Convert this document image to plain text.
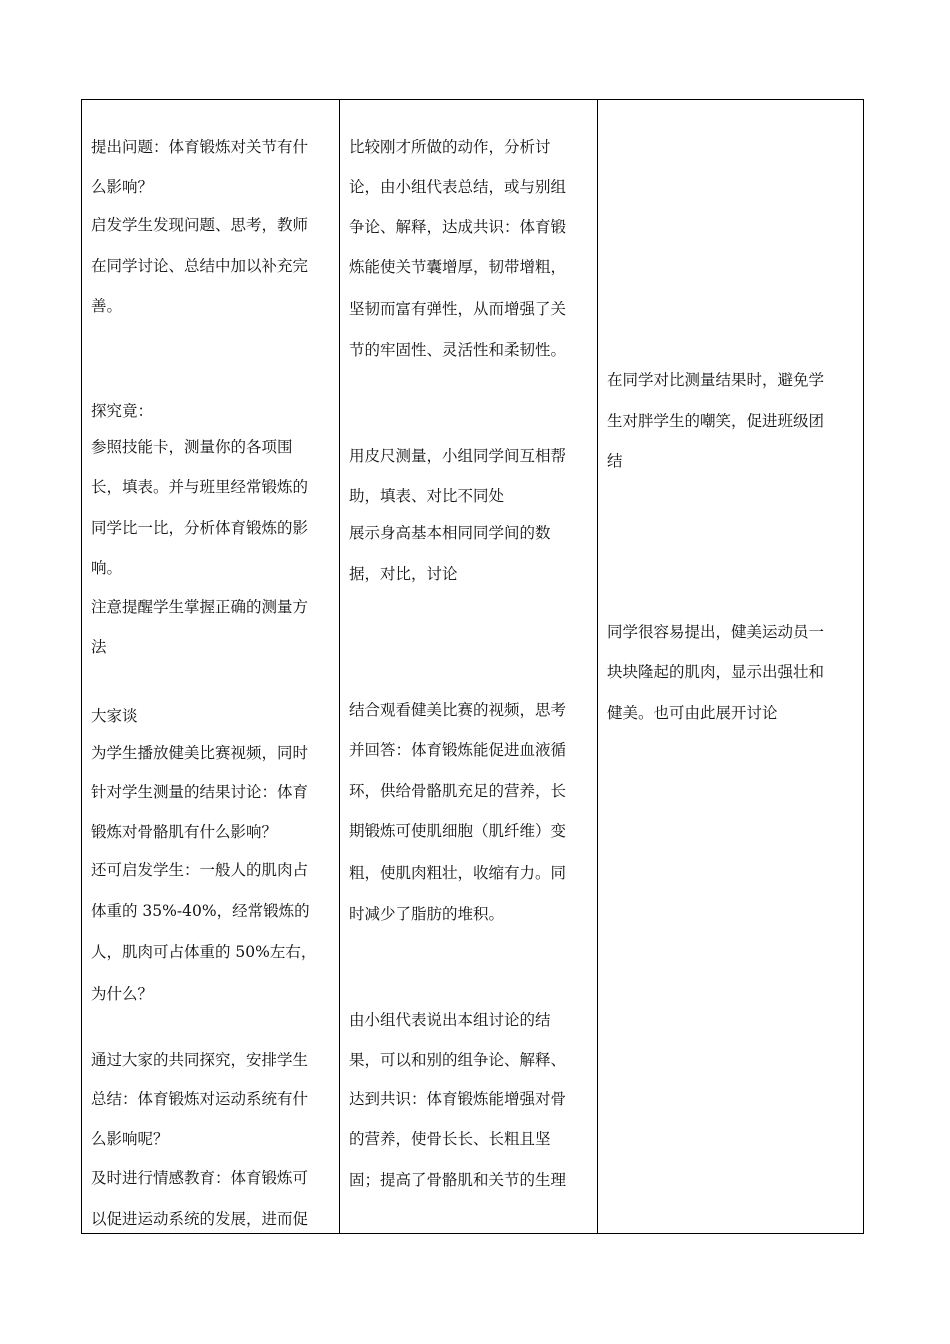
提出问题：体育锻炼对关节有什
么影响？
启发学生发现问题、思考，教师
在同学讨论、总结中加以补充完
善。
探究竟：
参照技能卡，测量你的各项围
长，填表。并与班里经常锻炼的
同学比一比，分析体育锻炼的影
响。
注意提醒学生掌握正确的测量方
法
大家谈
为学生播放健美比赛视频，同时
针对学生测量的结果讨论：体育
锻炼对骨骼肌有什么影响？
还可启发学生：一般人的肌肉占
体重的 35%-40%，经常锻炼的
人，肌肉可占体重的 50%左右，
为什么？
通过大家的共同探究，安排学生
总结：体育锻炼对运动系统有什
么影响呢？
及时进行情感教育：体育锻炼可
以促进运动系统的发展，进而促
比较刚才所做的动作，分析讨
论，由小组代表总结，或与别组
争论、解释，达成共识：体育锻
炼能使关节囊增厚，韧带增粗，
坚韧而富有弹性，从而增强了关
节的牢固性、灵活性和柔韧性。
用皮尺测量，小组同学间互相帮
助，填表、对比不同处
展示身高基本相同同学间的数
据，对比，讨论
结合观看健美比赛的视频，思考
并回答：体育锻炼能促进血液循
环，供给骨骼肌充足的营养，长
期锻炼可使肌细胞（肌纤维）变
粗，使肌肉粗壮，收缩有力。同
时减少了脂肪的堆积。
由小组代表说出本组讨论的结
果，可以和别的组争论、解释、
达到共识：体育锻炼能增强对骨
的营养，使骨长长、长粗且坚
固；提高了骨骼肌和关节的生理
在同学对比测量结果时，避免学
生对胖学生的嘲笑，促进班级团
结
同学很容易提出，健美运动员一
块块隆起的肌肉，显示出强壮和
健美。也可由此展开讨论
